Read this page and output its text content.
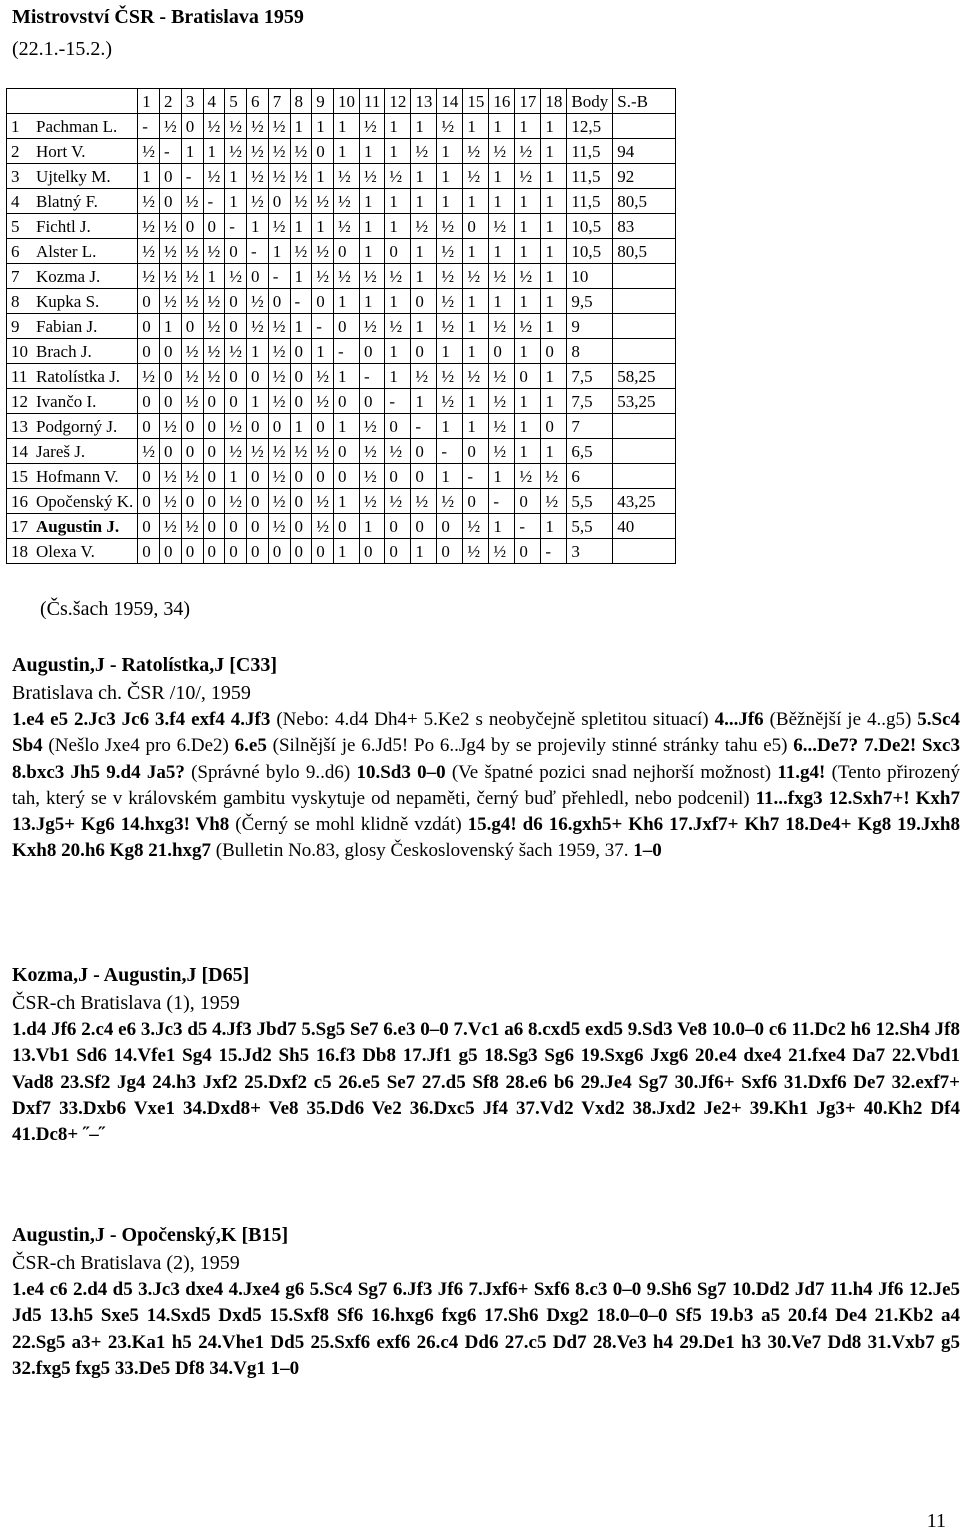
Mistrovství ČSR - Bratislava 1959
(22.1.-15.2.)
		1	2	3	4	5	6	7	8	9	10	11	12	13	14	15	16	17	18	Body	S.-B
1	Pachman L.	-	½	0	½	½	½	½	1	1	1	½	1	1	½	1	1	1	1	12,5	
2	Hort V.	½	-	1	1	½	½	½	½	0	1	1	1	½	1	½	½	½	1	11,5	94
3	Ujtelky M.	1	0	-	½	1	½	½	½	1	½	½	½	1	1	½	1	½	1	11,5	92
4	Blatný F.	½	0	½	-	1	½	0	½	½	½	1	1	1	1	1	1	1	1	11,5	80,5
5	Fichtl J.	½	½	0	0	-	1	½	1	1	½	1	1	½	½	0	½	1	1	10,5	83
6	Alster L.	½	½	½	½	0	-	1	½	½	0	1	0	1	½	1	1	1	1	10,5	80,5
7	Kozma J.	½	½	½	1	½	0	-	1	½	½	½	½	1	½	½	½	½	1	10	
8	Kupka S.	0	½	½	½	0	½	0	-	0	1	1	1	0	½	1	1	1	1	9,5	
9	Fabian J.	0	1	0	½	0	½	½	1	-	0	½	½	1	½	1	½	½	1	9	
10	Brach J.	0	0	½	½	½	1	½	0	1	-	0	1	0	1	1	0	1	0	8	
11	Ratolístka J.	½	0	½	½	0	0	½	0	½	1	-	1	½	½	½	½	0	1	7,5	58,25
12	Ivančo I.	0	0	½	0	0	1	½	0	½	0	0	-	1	½	1	½	1	1	7,5	53,25
13	Podgorný J.	0	½	0	0	½	0	0	1	0	1	½	0	-	1	1	½	1	0	7	
14	Jareš J.	½	0	0	0	½	½	½	½	½	0	½	½	0	-	0	½	1	1	6,5	
15	Hofmann V.	0	½	½	0	1	0	½	0	0	0	½	0	0	1	-	1	½	½	6	
16	Opočenský K.	0	½	0	0	½	0	½	0	½	1	½	½	½	½	0	-	0	½	5,5	43,25
17	Augustin J.	0	½	½	0	0	0	½	0	½	0	1	0	0	0	½	1	-	1	5,5	40
18	Olexa V.	0	0	0	0	0	0	0	0	0	1	0	0	1	0	½	½	0	-	3	
(Čs.šach 1959, 34)
Augustin,J - Ratolístka,J [C33]
Bratislava ch. ČSR /10/, 1959
1.e4 e5 2.Jc3 Jc6 3.f4 exf4 4.Jf3 (Nebo: 4.d4 Dh4+ 5.Ke2 s neobyčejně spletitou situací) 4...Jf6 (Běžnější je 4..g5) 5.Sc4 Sb4 (Nešlo Jxe4 pro 6.De2) 6.e5 (Silnější je 6.Jd5! Po 6..Jg4 by se projevily stinné stránky tahu e5) 6...De7? 7.De2! Sxc3 8.bxc3 Jh5 9.d4 Ja5? (Správné bylo 9..d6) 10.Sd3 0–0 (Ve špatné pozici snad nejhorší možnost) 11.g4! (Tento přirozený tah, který se v královském gambitu vyskytuje od nepaměti, černý buď přehledl, nebo podcenil) 11...fxg3 12.Sxh7+! Kxh7 13.Jg5+ Kg6 14.hxg3! Vh8 (Černý se mohl klidně vzdát) 15.g4! d6 16.gxh5+ Kh6 17.Jxf7+ Kh7 18.De4+ Kg8 19.Jxh8 Kxh8 20.h6 Kg8 21.hxg7 (Bulletin No.83, glosy Československý šach 1959, 37. 1–0
Kozma,J - Augustin,J [D65]
ČSR-ch Bratislava (1), 1959
1.d4 Jf6 2.c4 e6 3.Jc3 d5 4.Jf3 Jbd7 5.Sg5 Se7 6.e3 0–0 7.Vc1 a6 8.cxd5 exd5 9.Sd3 Ve8 10.0–0 c6 11.Dc2 h6 12.Sh4 Jf8 13.Vb1 Sd6 14.Vfe1 Sg4 15.Jd2 Sh5 16.f3 Db8 17.Jf1 g5 18.Sg3 Sg6 19.Sxg6 Jxg6 20.e4 dxe4 21.fxe4 Da7 22.Vbd1 Vad8 23.Sf2 Jg4 24.h3 Jxf2 25.Dxf2 c5 26.e5 Se7 27.d5 Sf8 28.e6 b6 29.Je4 Sg7 30.Jf6+ Sxf6 31.Dxf6 De7 32.exf7+ Dxf7 33.Dxb6 Vxe1 34.Dxd8+ Ve8 35.Dd6 Ve2 36.Dxc5 Jf4 37.Vd2 Vxd2 38.Jxd2 Je2+ 39.Kh1 Jg3+ 40.Kh2 Df4 41.Dc8+ ˝–˝
Augustin,J - Opočenský,K [B15]
ČSR-ch Bratislava (2), 1959
1.e4 c6 2.d4 d5 3.Jc3 dxe4 4.Jxe4 g6 5.Sc4 Sg7 6.Jf3 Jf6 7.Jxf6+ Sxf6 8.c3 0–0 9.Sh6 Sg7 10.Dd2 Jd7 11.h4 Jf6 12.Je5 Jd5 13.h5 Sxe5 14.Sxd5 Dxd5 15.Sxf8 Sf6 16.hxg6 fxg6 17.Sh6 Dxg2 18.0–0–0 Sf5 19.b3 a5 20.f4 De4 21.Kb2 a4 22.Sg5 a3+ 23.Ka1 h5 24.Vhe1 Dd5 25.Sxf6 exf6 26.c4 Dd6 27.c5 Dd7 28.Ve3 h4 29.De1 h3 30.Ve7 Dd8 31.Vxb7 g5 32.fxg5 fxg5 33.De5 Df8 34.Vg1 1–0
11
